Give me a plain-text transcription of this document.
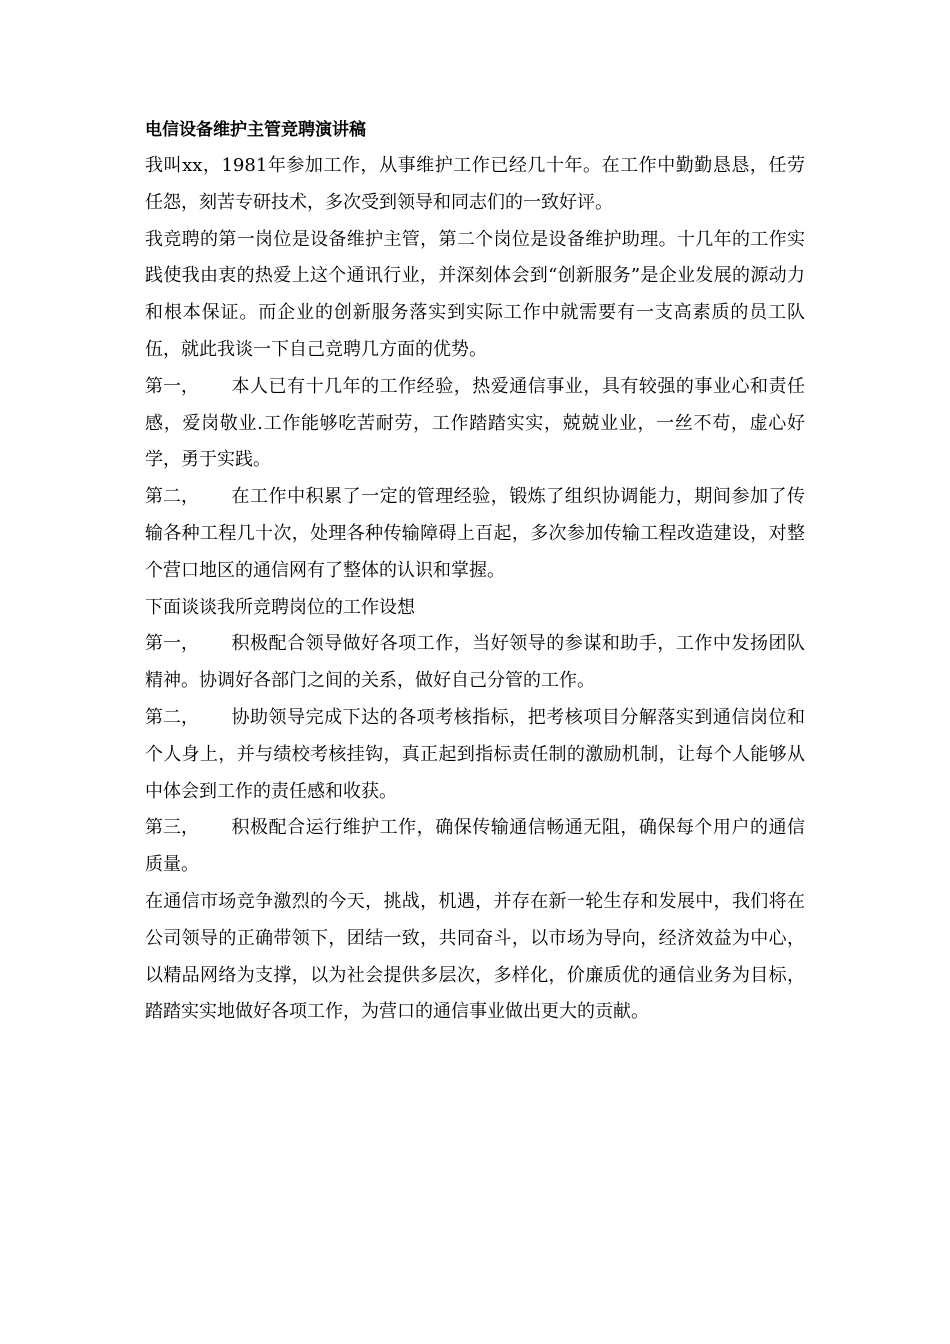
电信设备维护主管竞聘演讲稿

我叫xx，1981年参加工作，从事维护工作已经几十年。在工作中勤勤恳恳，任劳任怨，刻苦专研技术，多次受到领导和同志们的一致好评。

我竞聘的第一岗位是设备维护主管，第二个岗位是设备维护助理。十几年的工作实践使我由衷的热爱上这个通讯行业，并深刻体会到“创新服务”是企业发展的源动力和根本保证。而企业的创新服务落实到实际工作中就需要有一支高素质的员工队伍，就此我谈一下自己竞聘几方面的优势。

第一， 本人已有十几年的工作经验，热爱通信事业，具有较强的事业心和责任感，爱岗敬业.工作能够吃苦耐劳，工作踏踏实实，兢兢业业，一丝不苟，虚心好学，勇于实践。

第二， 在工作中积累了一定的管理经验，锻炼了组织协调能力，期间参加了传输各种工程几十次，处理各种传输障碍上百起，多次参加传输工程改造建设，对整个营口地区的通信网有了整体的认识和掌握。

下面谈谈我所竞聘岗位的工作设想

第一， 积极配合领导做好各项工作，当好领导的参谋和助手，工作中发扬团队精神。协调好各部门之间的关系，做好自己分管的工作。

第二， 协助领导完成下达的各项考核指标，把考核项目分解落实到通信岗位和个人身上，并与绩校考核挂钩，真正起到指标责任制的激励机制，让每个人能够从中体会到工作的责任感和收获。

第三， 积极配合运行维护工作，确保传输通信畅通无阻，确保每个用户的通信质量。

在通信市场竞争激烈的今天，挑战，机遇，并存在新一轮生存和发展中，我们将在公司领导的正确带领下，团结一致，共同奋斗，以市场为导向，经济效益为中心，以精品网络为支撑，以为社会提供多层次，多样化，价廉质优的通信业务为目标，踏踏实实地做好各项工作，为营口的通信事业做出更大的贡献。
